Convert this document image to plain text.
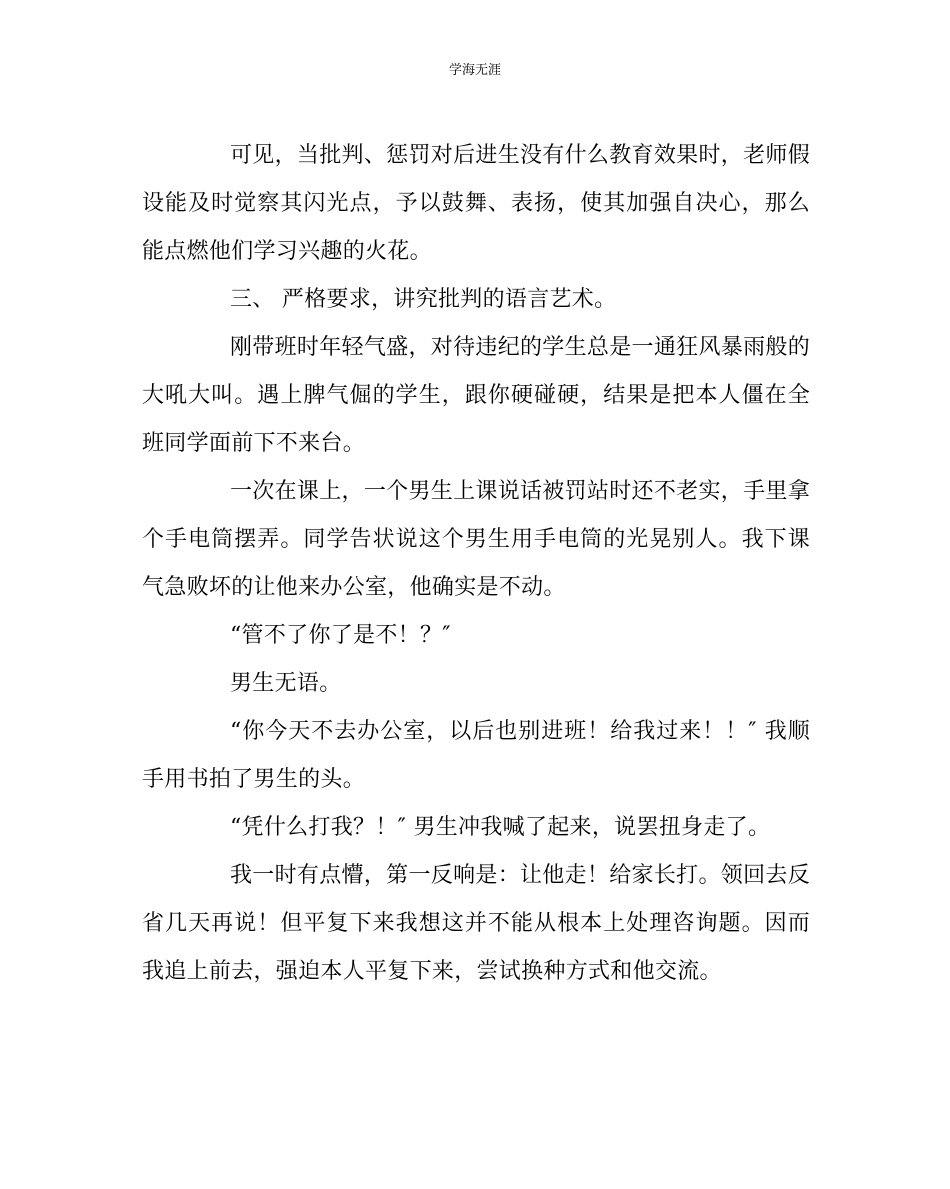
学海无涯

可见，当批判、惩罚对后进生没有什么教育效果时，老师假设能及时觉察其闪光点，予以鼓舞、表扬，使其加强自决心，那么能点燃他们学习兴趣的火花。

三、 严格要求，讲究批判的语言艺术。

刚带班时年轻气盛，对待违纪的学生总是一通狂风暴雨般的大吼大叫。遇上脾气倔的学生，跟你硬碰硬，结果是把本人僵在全班同学面前下不来台。

一次在课上，一个男生上课说话被罚站时还不老实，手里拿个手电筒摆弄。同学告状说这个男生用手电筒的光晃别人。我下课气急败坏的让他来办公室，他确实是不动。

“管不了你了是不！？″

男生无语。

“你今天不去办公室，以后也别进班！给我过来！！″ 我顺手用书拍了男生的头。

“凭什么打我？！″ 男生冲我喊了起来，说罢扭身走了。

我一时有点懵，第一反响是：让他走！给家长打。领回去反省几天再说！但平复下来我想这并不能从根本上处理咨询题。因而我追上前去，强迫本人平复下来，尝试换种方式和他交流。
